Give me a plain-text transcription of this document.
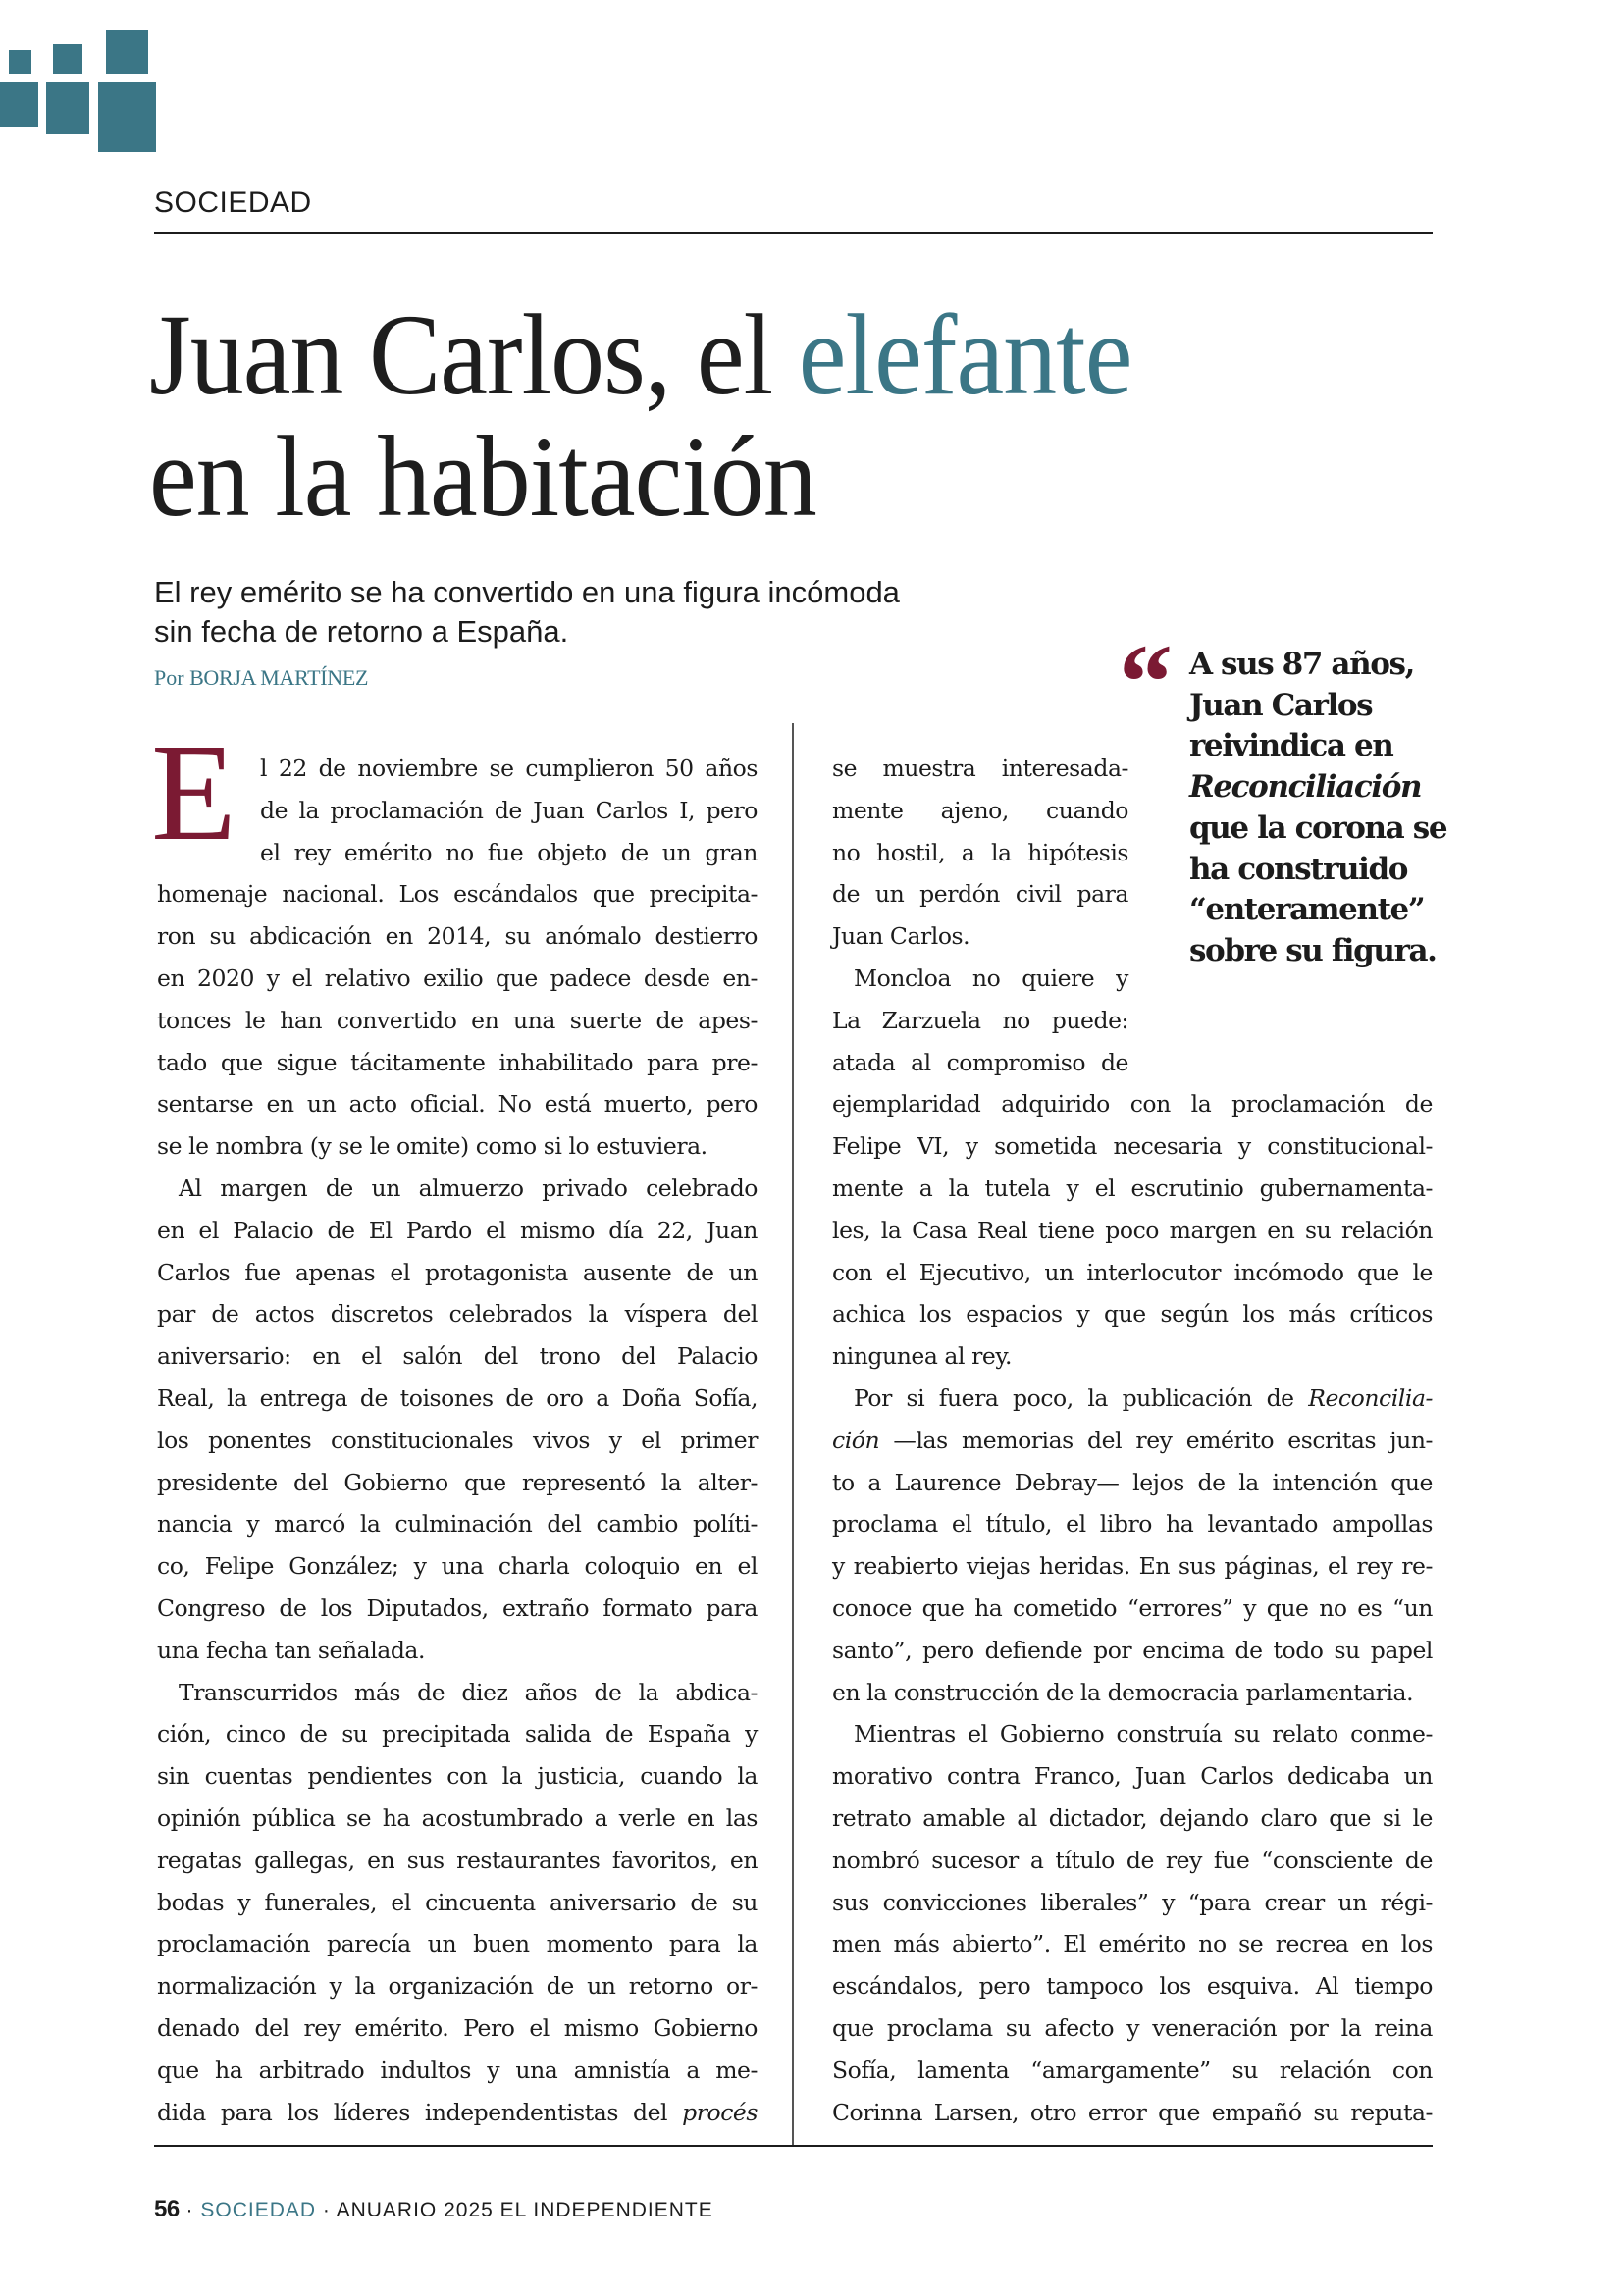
SOCIEDAD
Juan Carlos, el elefante
en la habitación
El rey emérito se ha convertido en una figura incómoda
sin fecha de retorno a España.
Por BORJA MARTÍNEZ
E l 22 de noviembre se cumplieron 50 años
de la proclamación de Juan Carlos I, pero
el rey emérito no fue objeto de un gran
homenaje nacional. Los escándalos que precipita-
ron su abdicación en 2014, su anómalo destierro
en 2020 y el relativo exilio que padece desde en-
tonces le han convertido en una suerte de apes-
tado que sigue tácitamente inhabilitado para pre-
sentarse en un acto oficial. No está muerto, pero
se le nombra (y se le omite) como si lo estuviera.
Al margen de un almuerzo privado celebrado
en el Palacio de El Pardo el mismo día 22, Juan
Carlos fue apenas el protagonista ausente de un
par de actos discretos celebrados la víspera del
aniversario: en el salón del trono del Palacio
Real, la entrega de toisones de oro a Doña Sofía,
los ponentes constitucionales vivos y el primer
presidente del Gobierno que representó la alter-
nancia y marcó la culminación del cambio políti-
co, Felipe González; y una charla coloquio en el
Congreso de los Diputados, extraño formato para
una fecha tan señalada.
Transcurridos más de diez años de la abdica-
ción, cinco de su precipitada salida de España y
sin cuentas pendientes con la justicia, cuando la
opinión pública se ha acostumbrado a verle en las
regatas gallegas, en sus restaurantes favoritos, en
bodas y funerales, el cincuenta aniversario de su
proclamación parecía un buen momento para la
normalización y la organización de un retorno or-
denado del rey emérito. Pero el mismo Gobierno
que ha arbitrado indultos y una amnistía a me-
dida para los líderes independentistas del procés
se muestra interesada-
mente ajeno, cuando
no hostil, a la hipótesis
de un perdón civil para
Juan Carlos.
Moncloa no quiere y
La Zarzuela no puede:
atada al compromiso de
ejemplaridad adquirido con la proclamación de
Felipe VI, y sometida necesaria y constitucional-
mente a la tutela y el escrutinio gubernamenta-
les, la Casa Real tiene poco margen en su relación
con el Ejecutivo, un interlocutor incómodo que le
achica los espacios y que según los más críticos
ningunea al rey.
Por si fuera poco, la publicación de Reconcilia-
ción —las memorias del rey emérito escritas jun-
to a Laurence Debray— lejos de la intención que
proclama el título, el libro ha levantado ampollas
y reabierto viejas heridas. En sus páginas, el rey re-
conoce que ha cometido “errores” y que no es “un
santo”, pero defiende por encima de todo su papel
en la construcción de la democracia parlamentaria.
Mientras el Gobierno construía su relato conme-
morativo contra Franco, Juan Carlos dedicaba un
retrato amable al dictador, dejando claro que si le
nombró sucesor a título de rey fue “consciente de
sus convicciones liberales” y “para crear un régi-
men más abierto”. El emérito no se recrea en los
escándalos, pero tampoco los esquiva. Al tiempo
que proclama su afecto y veneración por la reina
Sofía, lamenta “amargamente” su relación con
Corinna Larsen, otro error que empañó su reputa-
“ A sus 87 años,
Juan Carlos
reivindica en
Reconciliación
que la corona se
ha construido
“enteramente”
sobre su figura.
56 · SOCIEDAD · ANUARIO 2025 EL INDEPENDIENTE
